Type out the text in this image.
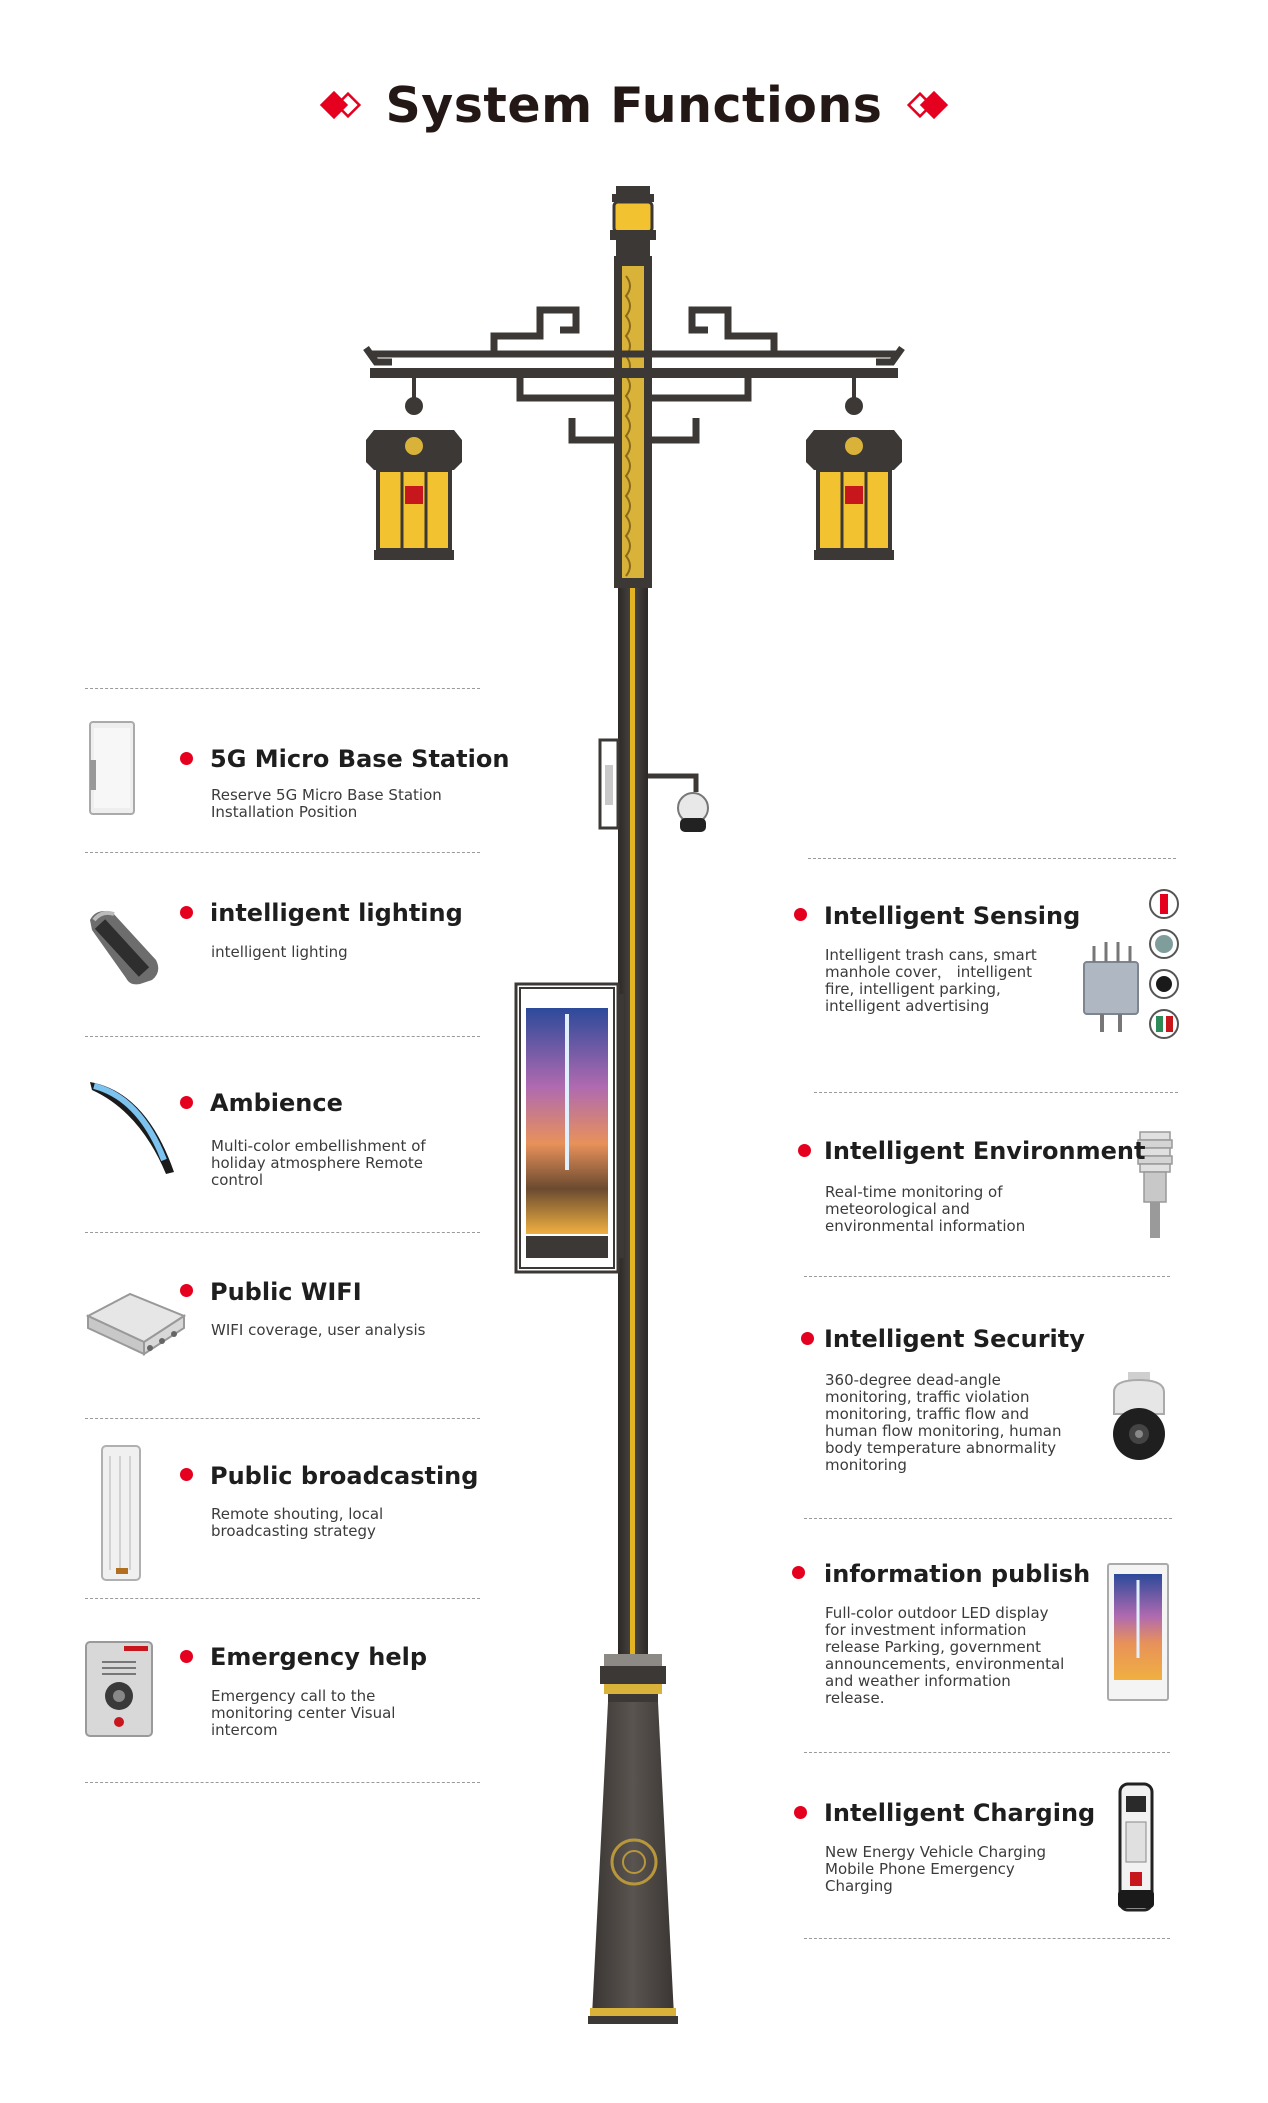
System Functions
5G Micro Base Station
Reserve 5G Micro Base Station Installation Position
intelligent lighting
intelligent lighting
Ambience
Multi-color embellishment of holiday atmosphere Remote control
Public WIFI
WIFI coverage, user analysis
Public broadcasting
Remote shouting, local broadcasting strategy
Emergency help
Emergency call to the monitoring center Visual intercom
Intelligent Sensing
Intelligent trash cans, smart manhole cover， intelligent fire, intelligent parking, intelligent advertising
Intelligent Environment
Real-time monitoring of meteorological and environmental information
Intelligent Security
360-degree dead-angle monitoring, traffic violation monitoring, traffic flow and human flow monitoring, human body temperature abnormality monitoring
information publish
Full-color outdoor LED display for investment information release Parking, government announcements, environmental and weather information release.
Intelligent Charging
New Energy Vehicle Charging Mobile Phone Emergency Charging
